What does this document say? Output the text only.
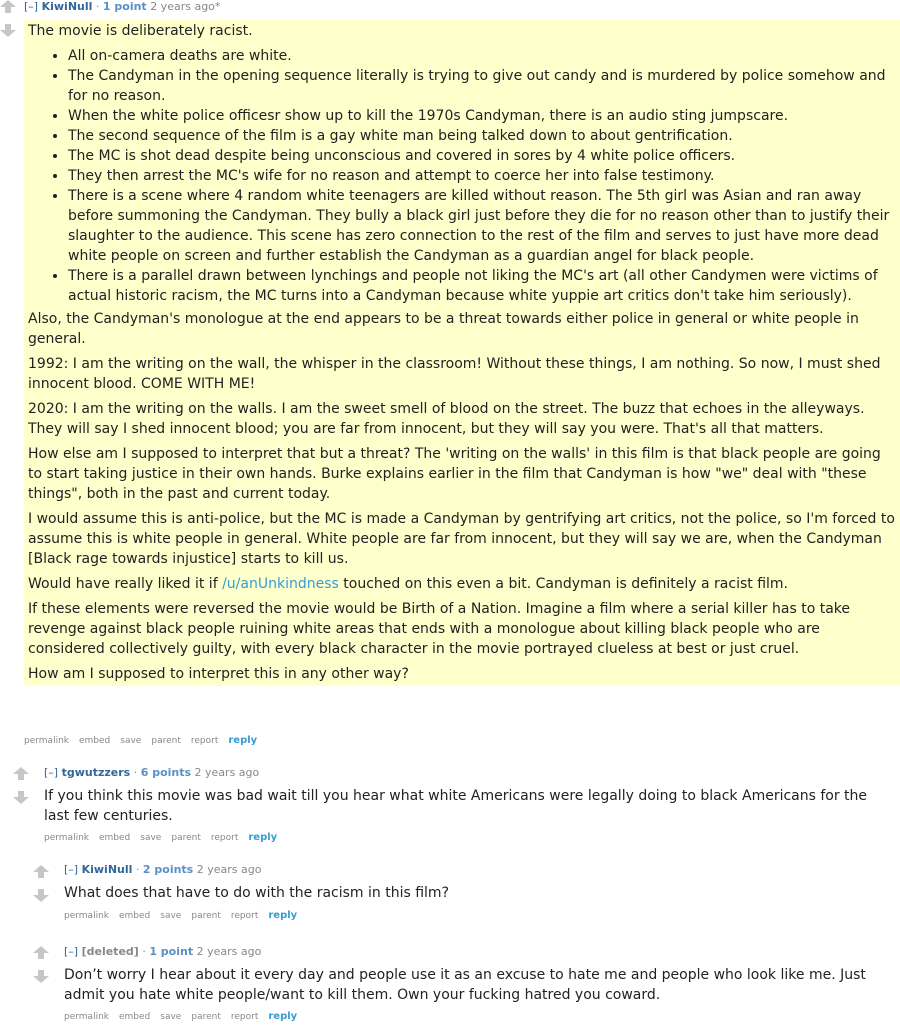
[–] KiwiNull · 1 point 2 years ago*

The movie is deliberately racist.

• All on-camera deaths are white.
• The Candyman in the opening sequence literally is trying to give out candy and is murdered by police somehow and for no reason.
• When the white police officesr show up to kill the 1970s Candyman, there is an audio sting jumpscare.
• The second sequence of the film is a gay white man being talked down to about gentrification.
• The MC is shot dead despite being unconscious and covered in sores by 4 white police officers.
• They then arrest the MC's wife for no reason and attempt to coerce her into false testimony.
• There is a scene where 4 random white teenagers are killed without reason. The 5th girl was Asian and ran away before summoning the Candyman. They bully a black girl just before they die for no reason other than to justify their slaughter to the audience. This scene has zero connection to the rest of the film and serves to just have more dead white people on screen and further establish the Candyman as a guardian angel for black people.
• There is a parallel drawn between lynchings and people not liking the MC's art (all other Candymen were victims of actual historic racism, the MC turns into a Candyman because white yuppie art critics don't take him seriously).

Also, the Candyman's monologue at the end appears to be a threat towards either police in general or white people in general.

1992: I am the writing on the wall, the whisper in the classroom! Without these things, I am nothing. So now, I must shed innocent blood. COME WITH ME!

2020: I am the writing on the walls. I am the sweet smell of blood on the street. The buzz that echoes in the alleyways. They will say I shed innocent blood; you are far from innocent, but they will say you were. That's all that matters.

How else am I supposed to interpret that but a threat? The 'writing on the walls' in this film is that black people are going to start taking justice in their own hands. Burke explains earlier in the film that Candyman is how "we" deal with "these things", both in the past and current today.

I would assume this is anti-police, but the MC is made a Candyman by gentrifying art critics, not the police, so I'm forced to assume this is white people in general. White people are far from innocent, but they will say we are, when the Candyman [Black rage towards injustice] starts to kill us.

Would have really liked it if /u/anUnkindness touched on this even a bit. Candyman is definitely a racist film.

If these elements were reversed the movie would be Birth of a Nation. Imagine a film where a serial killer has to take revenge against black people ruining white areas that ends with a monologue about killing black people who are considered collectively guilty, with every black character in the movie portrayed clueless at best or just cruel.

How am I supposed to interpret this in any other way?

permalink embed save parent report reply

[–] tgwutzzers · 6 points 2 years ago

If you think this movie was bad wait till you hear what white Americans were legally doing to black Americans for the last few centuries.

permalink embed save parent report reply

[–] KiwiNull · 2 points 2 years ago

What does that have to do with the racism in this film?

permalink embed save parent report reply

[–] [deleted] · 1 point 2 years ago

Don’t worry I hear about it every day and people use it as an excuse to hate me and people who look like me. Just admit you hate white people/want to kill them. Own your fucking hatred you coward.

permalink embed save parent report reply
